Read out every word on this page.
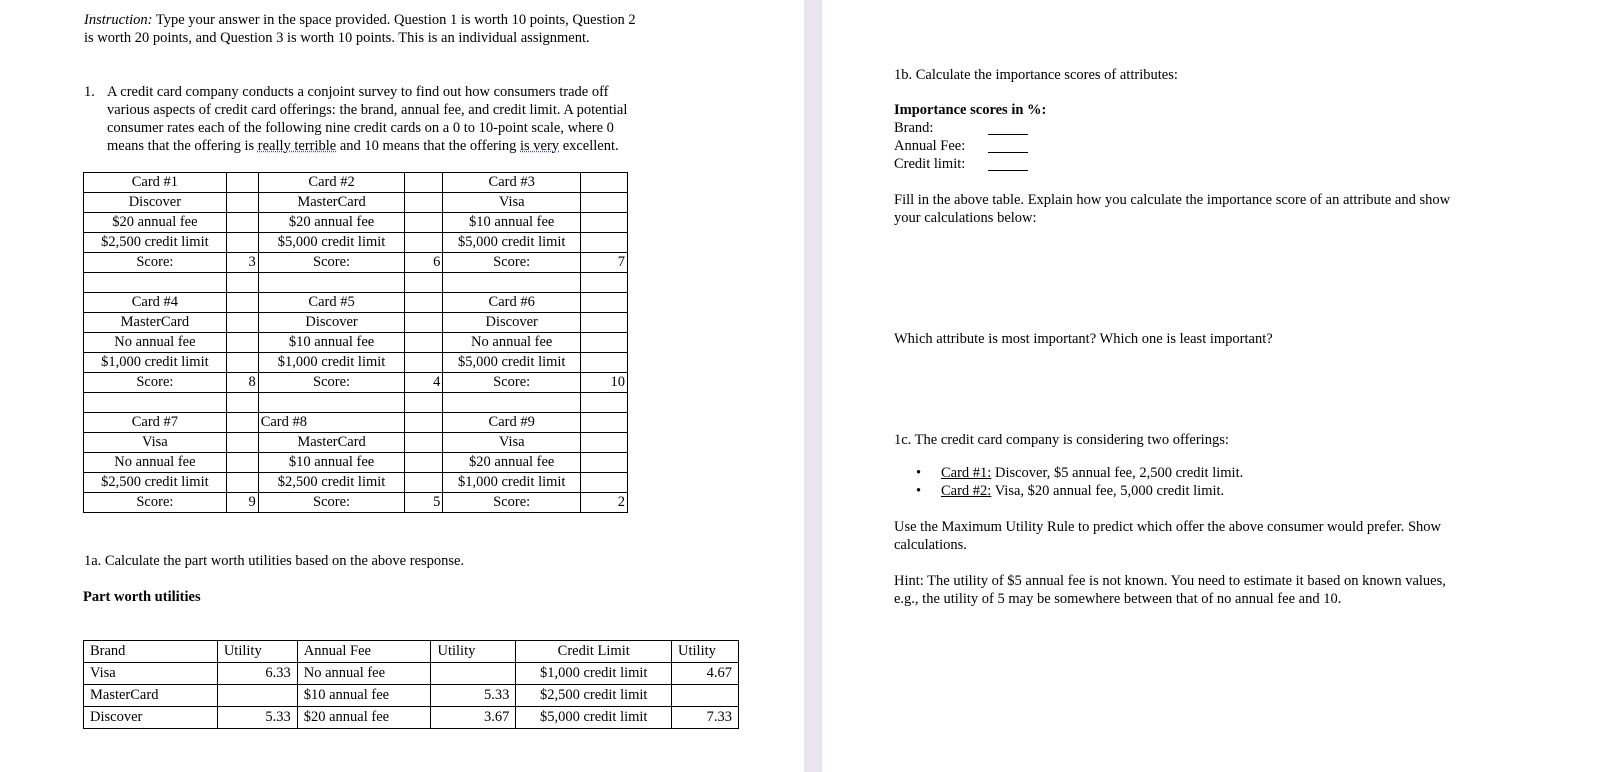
Instruction: Type your answer in the space provided. Question 1 is worth 10 points, Question 2
is worth 20 points, and Question 3 is worth 10 points. This is an individual assignment.
1. A credit card company conducts a conjoint survey to find out how consumers trade off
various aspects of credit card offerings: the brand, annual fee, and credit limit. A potential
consumer rates each of the following nine credit cards on a 0 to 10-point scale, where 0
means that the offering is really terrible and 10 means that the offering is very excellent.
Card #1		Card #2		Card #3	
Discover		MasterCard		Visa	
$20 annual fee		$20 annual fee		$10 annual fee	
$2,500 credit limit		$5,000 credit limit		$5,000 credit limit	
Score:	3	Score:	6	Score:	7

Card #4		Card #5		Card #6	
MasterCard		Discover		Discover	
No annual fee		$10 annual fee		No annual fee	
$1,000 credit limit		$1,000 credit limit		$5,000 credit limit	
Score:	8	Score:	4	Score:	10

Card #7		Card #8		Card #9	
Visa		MasterCard		Visa	
No annual fee		$10 annual fee		$20 annual fee	
$2,500 credit limit		$2,500 credit limit		$1,000 credit limit	
Score:	9	Score:	5	Score:	2
1a. Calculate the part worth utilities based on the above response.
Part worth utilities
Brand	Utility	Annual Fee	Utility	Credit Limit	Utility
Visa	6.33	No annual fee		$1,000 credit limit	4.67
MasterCard		$10 annual fee	5.33	$2,500 credit limit	
Discover	5.33	$20 annual fee	3.67	$5,000 credit limit	7.33
1b. Calculate the importance scores of attributes:
Importance scores in %:
Brand:
Annual Fee:
Credit limit:
Fill in the above table. Explain how you calculate the importance score of an attribute and show
your calculations below:
Which attribute is most important? Which one is least important?
1c. The credit card company is considering two offerings:
• Card #1: Discover, $5 annual fee, 2,500 credit limit.
• Card #2: Visa, $20 annual fee, 5,000 credit limit.
Use the Maximum Utility Rule to predict which offer the above consumer would prefer. Show
calculations.
Hint: The utility of $5 annual fee is not known. You need to estimate it based on known values,
e.g., the utility of 5 may be somewhere between that of no annual fee and 10.
